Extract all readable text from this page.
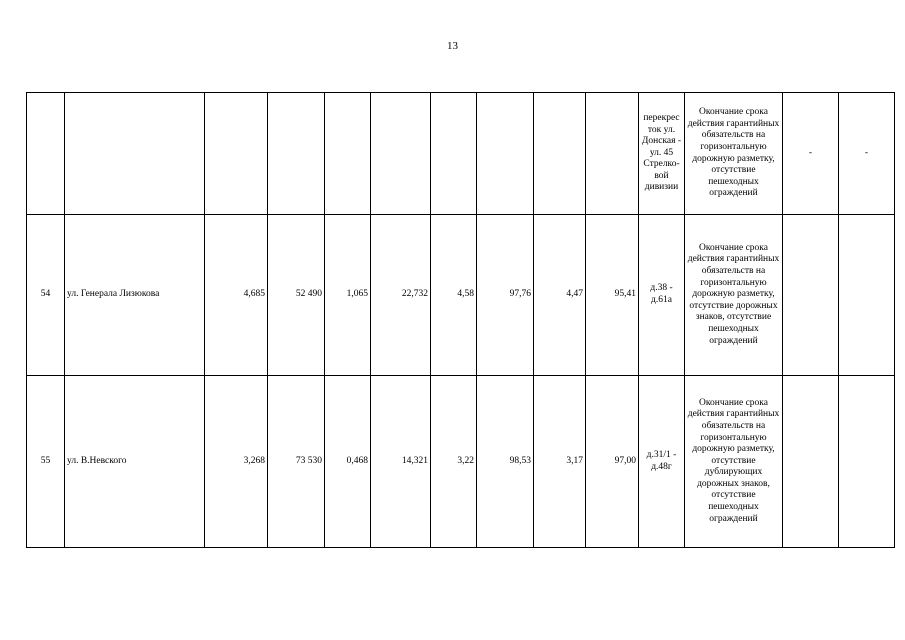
13
										перекрес ток ул. Донская - ул. 45 Стрелко- вой дивизии	Окончание срока действия гарантийных обязательств на горизонтальную дорожную разметку, отсутствие пешеходных ограждений	-	-
54	ул. Генерала Лизюкова	4,685	52 490	1,065	22,732	4,58	97,76	4,47	95,41	д.38 - д.61а	Окончание срока действия гарантийных обязательств на горизонтальную дорожную разметку, отсутствие дорожных знаков, отсутствие пешеходных ограждений		
55	ул. В.Невского	3,268	73 530	0,468	14,321	3,22	98,53	3,17	97,00	д.31/1 - д.48г	Окончание срока действия гарантийных обязательств на горизонтальную дорожную разметку, отсутствие дублирующих дорожных знаков, отсутствие пешеходных ограждений		
